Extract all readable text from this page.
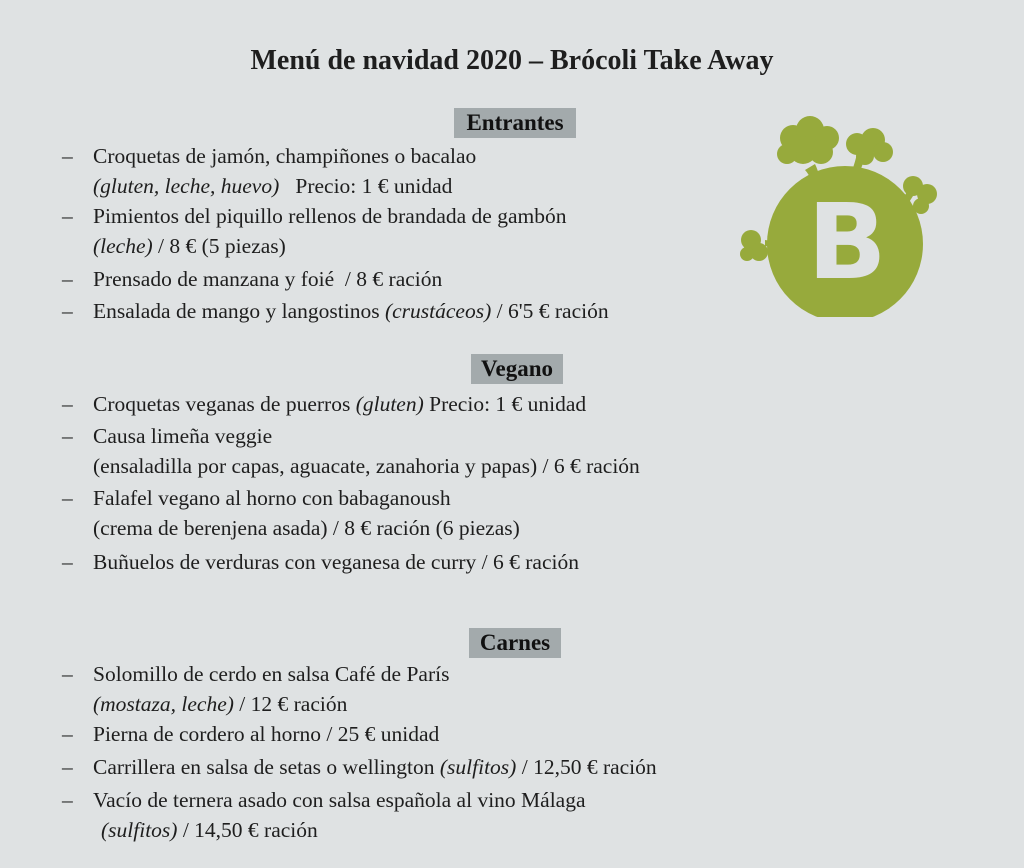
Menú de navidad 2020 – Brócoli Take Away
B
Entrantes
– Croquetas de jamón, champiñones o bacalao
(gluten, leche, huevo) Precio: 1 € unidad
– Pimientos del piquillo rellenos de brandada de gambón
(leche) / 8 € (5 piezas)
– Prensado de manzana y foié  / 8 € ración
– Ensalada de mango y langostinos (crustáceos) / 6'5 € ración
Vegano
– Croquetas veganas de puerros (gluten) Precio: 1 € unidad
– Causa limeña veggie
(ensaladilla por capas, aguacate, zanahoria y papas) / 6 € ración
– Falafel vegano al horno con babaganoush
(crema de berenjena asada) / 8 € ración (6 piezas)
– Buñuelos de verduras con veganesa de curry / 6 € ración
Carnes
– Solomillo de cerdo en salsa Café de París
(mostaza, leche) / 12 € ración
– Pierna de cordero al horno / 25 € unidad
– Carrillera en salsa de setas o wellington (sulfitos) / 12,50 € ración
– Vacío de ternera asado con salsa española al vino Málaga
(sulfitos) / 14,50 € ración
